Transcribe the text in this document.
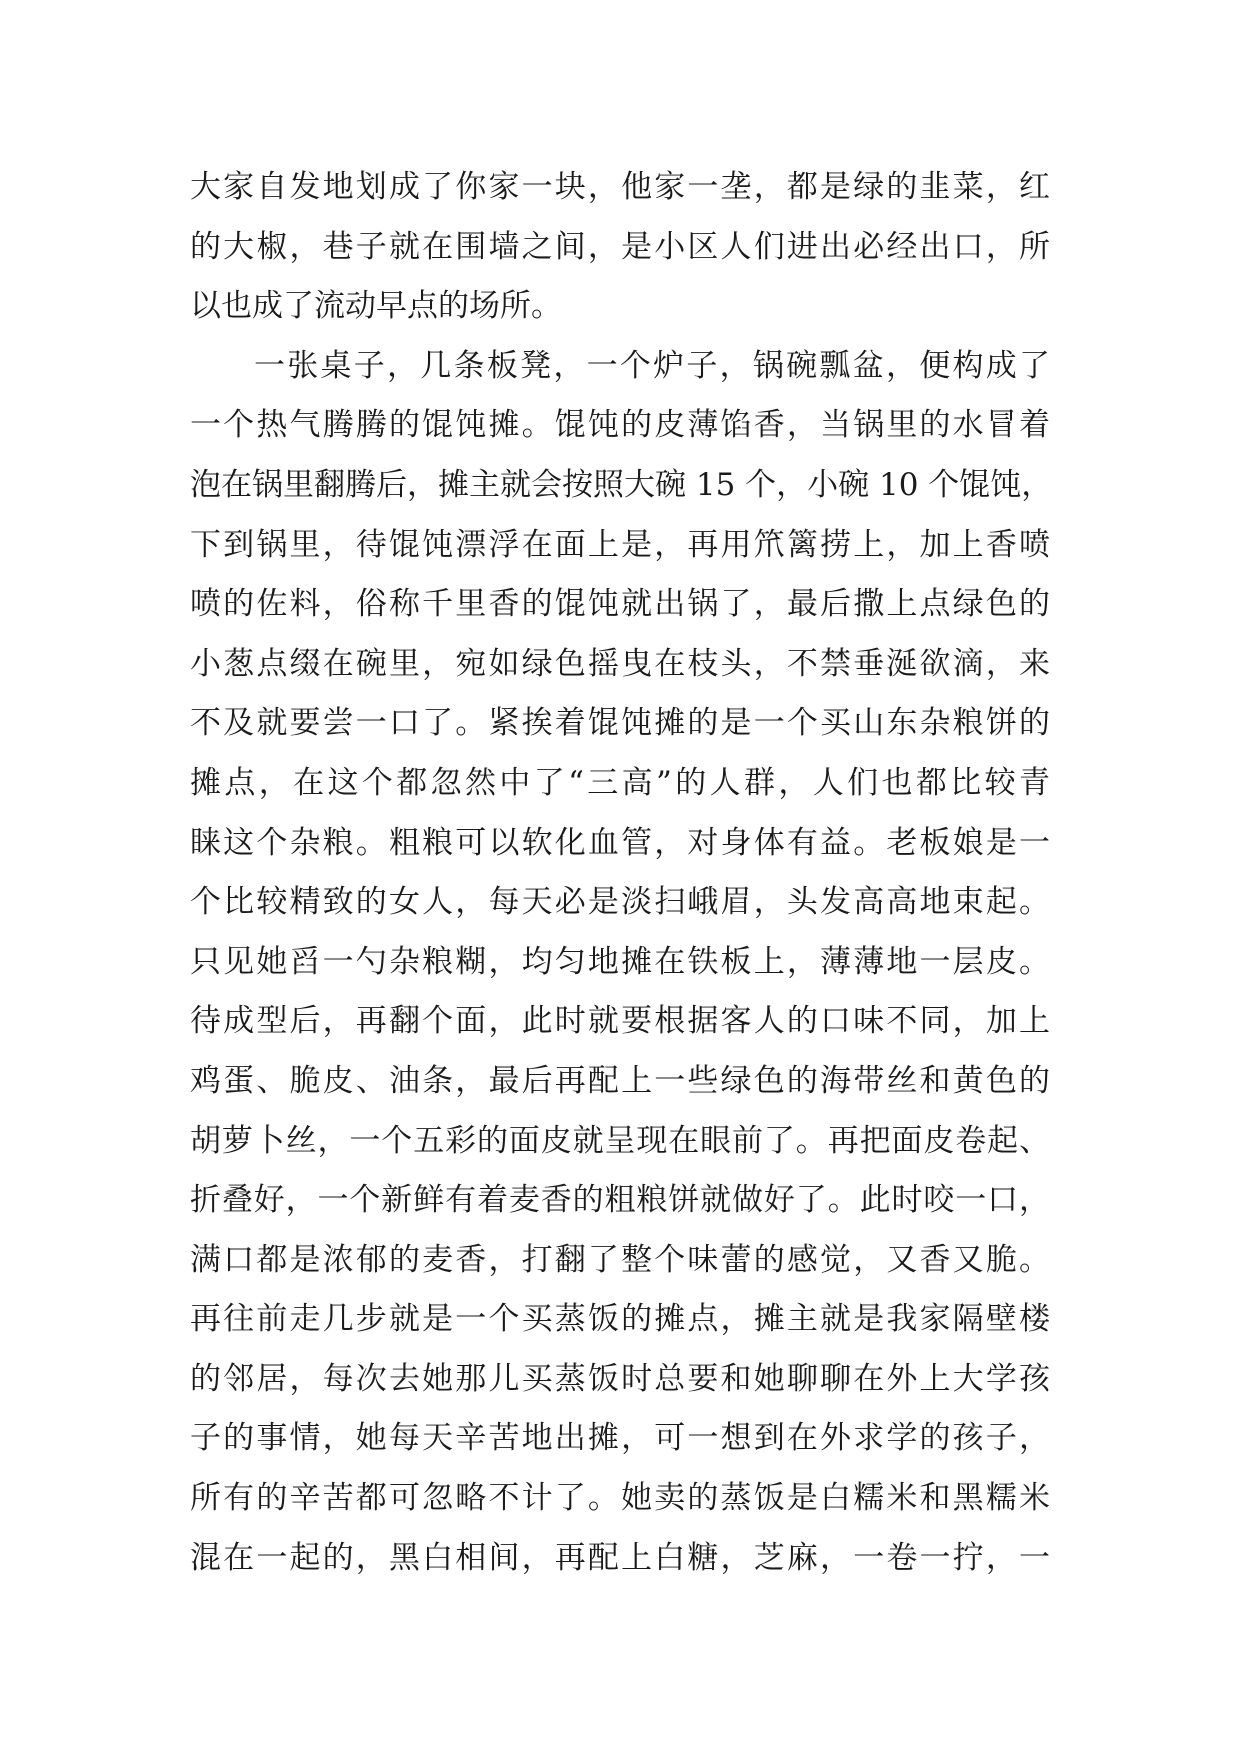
大家自发地划成了你家一块，他家一垄，都是绿的韭菜，红
的大椒，巷子就在围墙之间，是小区人们进出必经出口，所
以也成了流动早点的场所。
一张桌子，几条板凳，一个炉子，锅碗瓢盆，便构成了
一个热气腾腾的馄饨摊。馄饨的皮薄馅香，当锅里的水冒着
泡在锅里翻腾后，摊主就会按照大碗 15 个，小碗 10 个馄饨，
下到锅里，待馄饨漂浮在面上是，再用笊篱捞上，加上香喷
喷的佐料，俗称千里香的馄饨就出锅了，最后撒上点绿色的
小葱点缀在碗里，宛如绿色摇曳在枝头，不禁垂涎欲滴，来
不及就要尝一口了。紧挨着馄饨摊的是一个买山东杂粮饼的
摊点，在这个都忽然中了“三高”的人群，人们也都比较青
睐这个杂粮。粗粮可以软化血管，对身体有益。老板娘是一
个比较精致的女人，每天必是淡扫峨眉，头发高高地束起。
只见她舀一勺杂粮糊，均匀地摊在铁板上，薄薄地一层皮。
待成型后，再翻个面，此时就要根据客人的口味不同，加上
鸡蛋、脆皮、油条，最后再配上一些绿色的海带丝和黄色的
胡萝卜丝，一个五彩的面皮就呈现在眼前了。再把面皮卷起、
折叠好，一个新鲜有着麦香的粗粮饼就做好了。此时咬一口，
满口都是浓郁的麦香，打翻了整个味蕾的感觉，又香又脆。
再往前走几步就是一个买蒸饭的摊点，摊主就是我家隔壁楼
的邻居，每次去她那儿买蒸饭时总要和她聊聊在外上大学孩
子的事情，她每天辛苦地出摊，可一想到在外求学的孩子，
所有的辛苦都可忽略不计了。她卖的蒸饭是白糯米和黑糯米
混在一起的，黑白相间，再配上白糖，芝麻，一卷一拧，一
